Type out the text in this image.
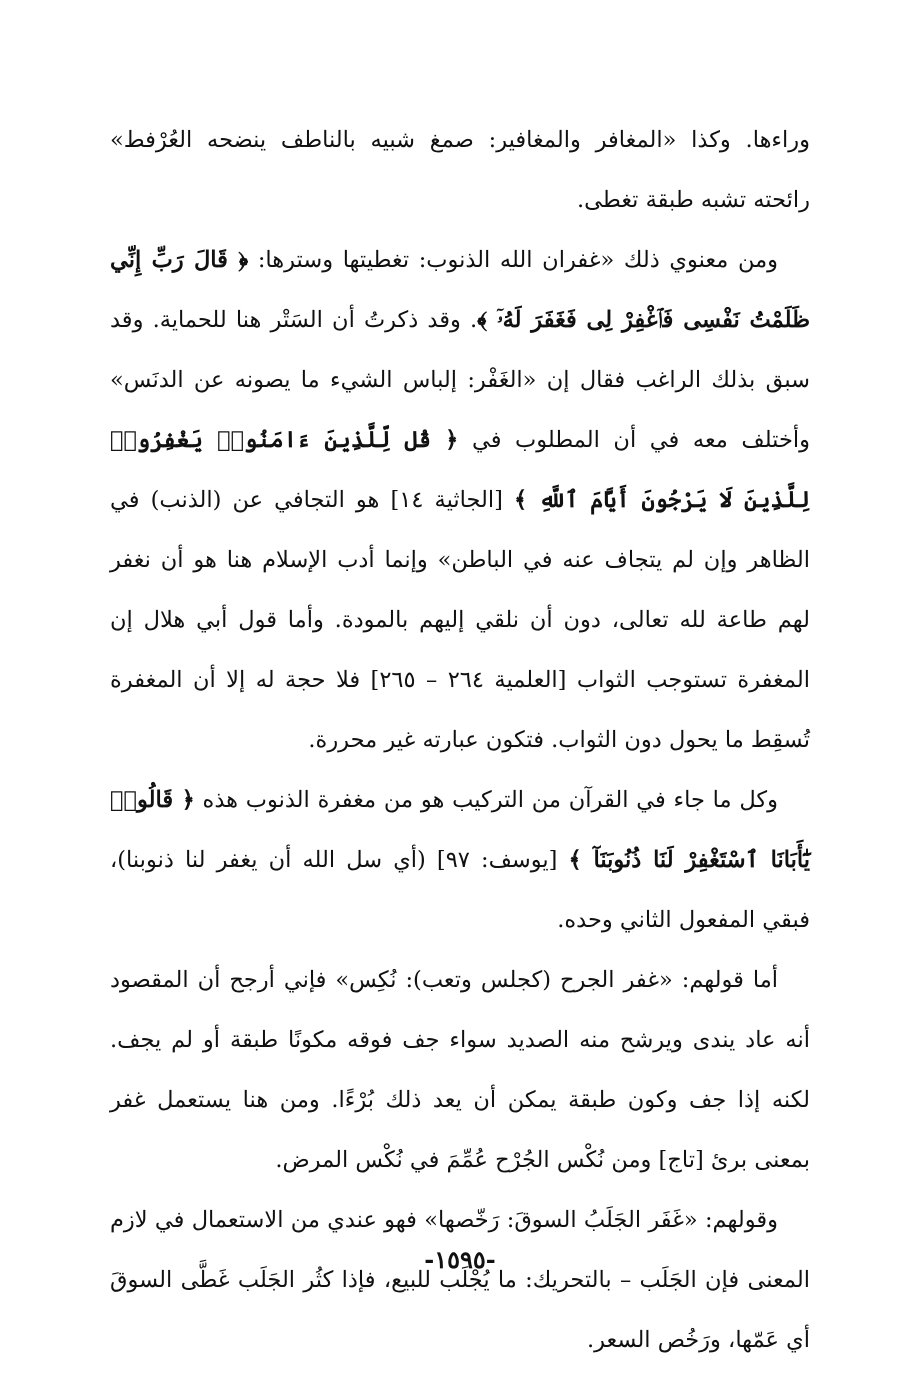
وراءها. وكذا «المغافر والمغافير: صمغ شبيه بالناطف ينضحه العُرْفط» رائحته تشبه طبقة تغطى.

ومن معنوي ذلك «غفران الله الذنوب: تغطيتها وسترها: ﴿ قَالَ رَبِّ إِنِّي ظَلَمْتُ نَفْسِى فَٱغْفِرْ لِى فَغَفَرَ لَهُۥٓ ﴾. وقد ذكرتُ أن السَتْر هنا للحماية. وقد سبق بذلك الراغب فقال إن «الغَفْر: إلباس الشيء ما يصونه عن الدنَس» وأختلف معه في أن المطلوب في ﴿ قُل لِّلَّذِينَ ءَامَنُوا۟ يَغْفِرُوا۟ لِلَّذِينَ لَا يَرْجُونَ أَيَّامَ ٱللَّهِ ﴾ [الجاثية ١٤] هو التجافي عن (الذنب) في الظاهر وإن لم يتجاف عنه في الباطن» وإنما أدب الإسلام هنا هو أن نغفر لهم طاعة لله تعالى، دون أن نلقي إليهم بالمودة. وأما قول أبي هلال إن المغفرة تستوجب الثواب [العلمية ٢٦٤ – ٢٦٥] فلا حجة له إلا أن المغفرة تُسقِط ما يحول دون الثواب. فتكون عبارته غير محررة.

وكل ما جاء في القرآن من التركيب هو من مغفرة الذنوب هذه ﴿ قَالُوا۟ يَٰٓأَبَانَا ٱسْتَغْفِرْ لَنَا ذُنُوبَنَآ ﴾ [يوسف: ٩٧] (أي سل الله أن يغفر لنا ذنوبنا)، فبقي المفعول الثاني وحده.

أما قولهم: «غفر الجرح (كجلس وتعب): نُكِس» فإني أرجح أن المقصود أنه عاد يندى ويرشح منه الصديد سواء جف فوقه مكونًا طبقة أو لم يجف. لكنه إذا جف وكون طبقة يمكن أن يعد ذلك بُرْءًا. ومن هنا يستعمل غفر بمعنى برئ [تاج] ومن نُكْس الجُرْح عُمِّمَ في نُكْس المرض.

وقولهم: «غَفَر الجَلَبُ السوقَ: رَخّصها» فهو عندي من الاستعمال في لازم المعنى فإن الجَلَب – بالتحريك: ما يُجْلَب للبيع، فإذا كثُر الجَلَب غَطَّى السوقَ أي عَمّها، ورَخُص السعر.

-١٥٩٥-
